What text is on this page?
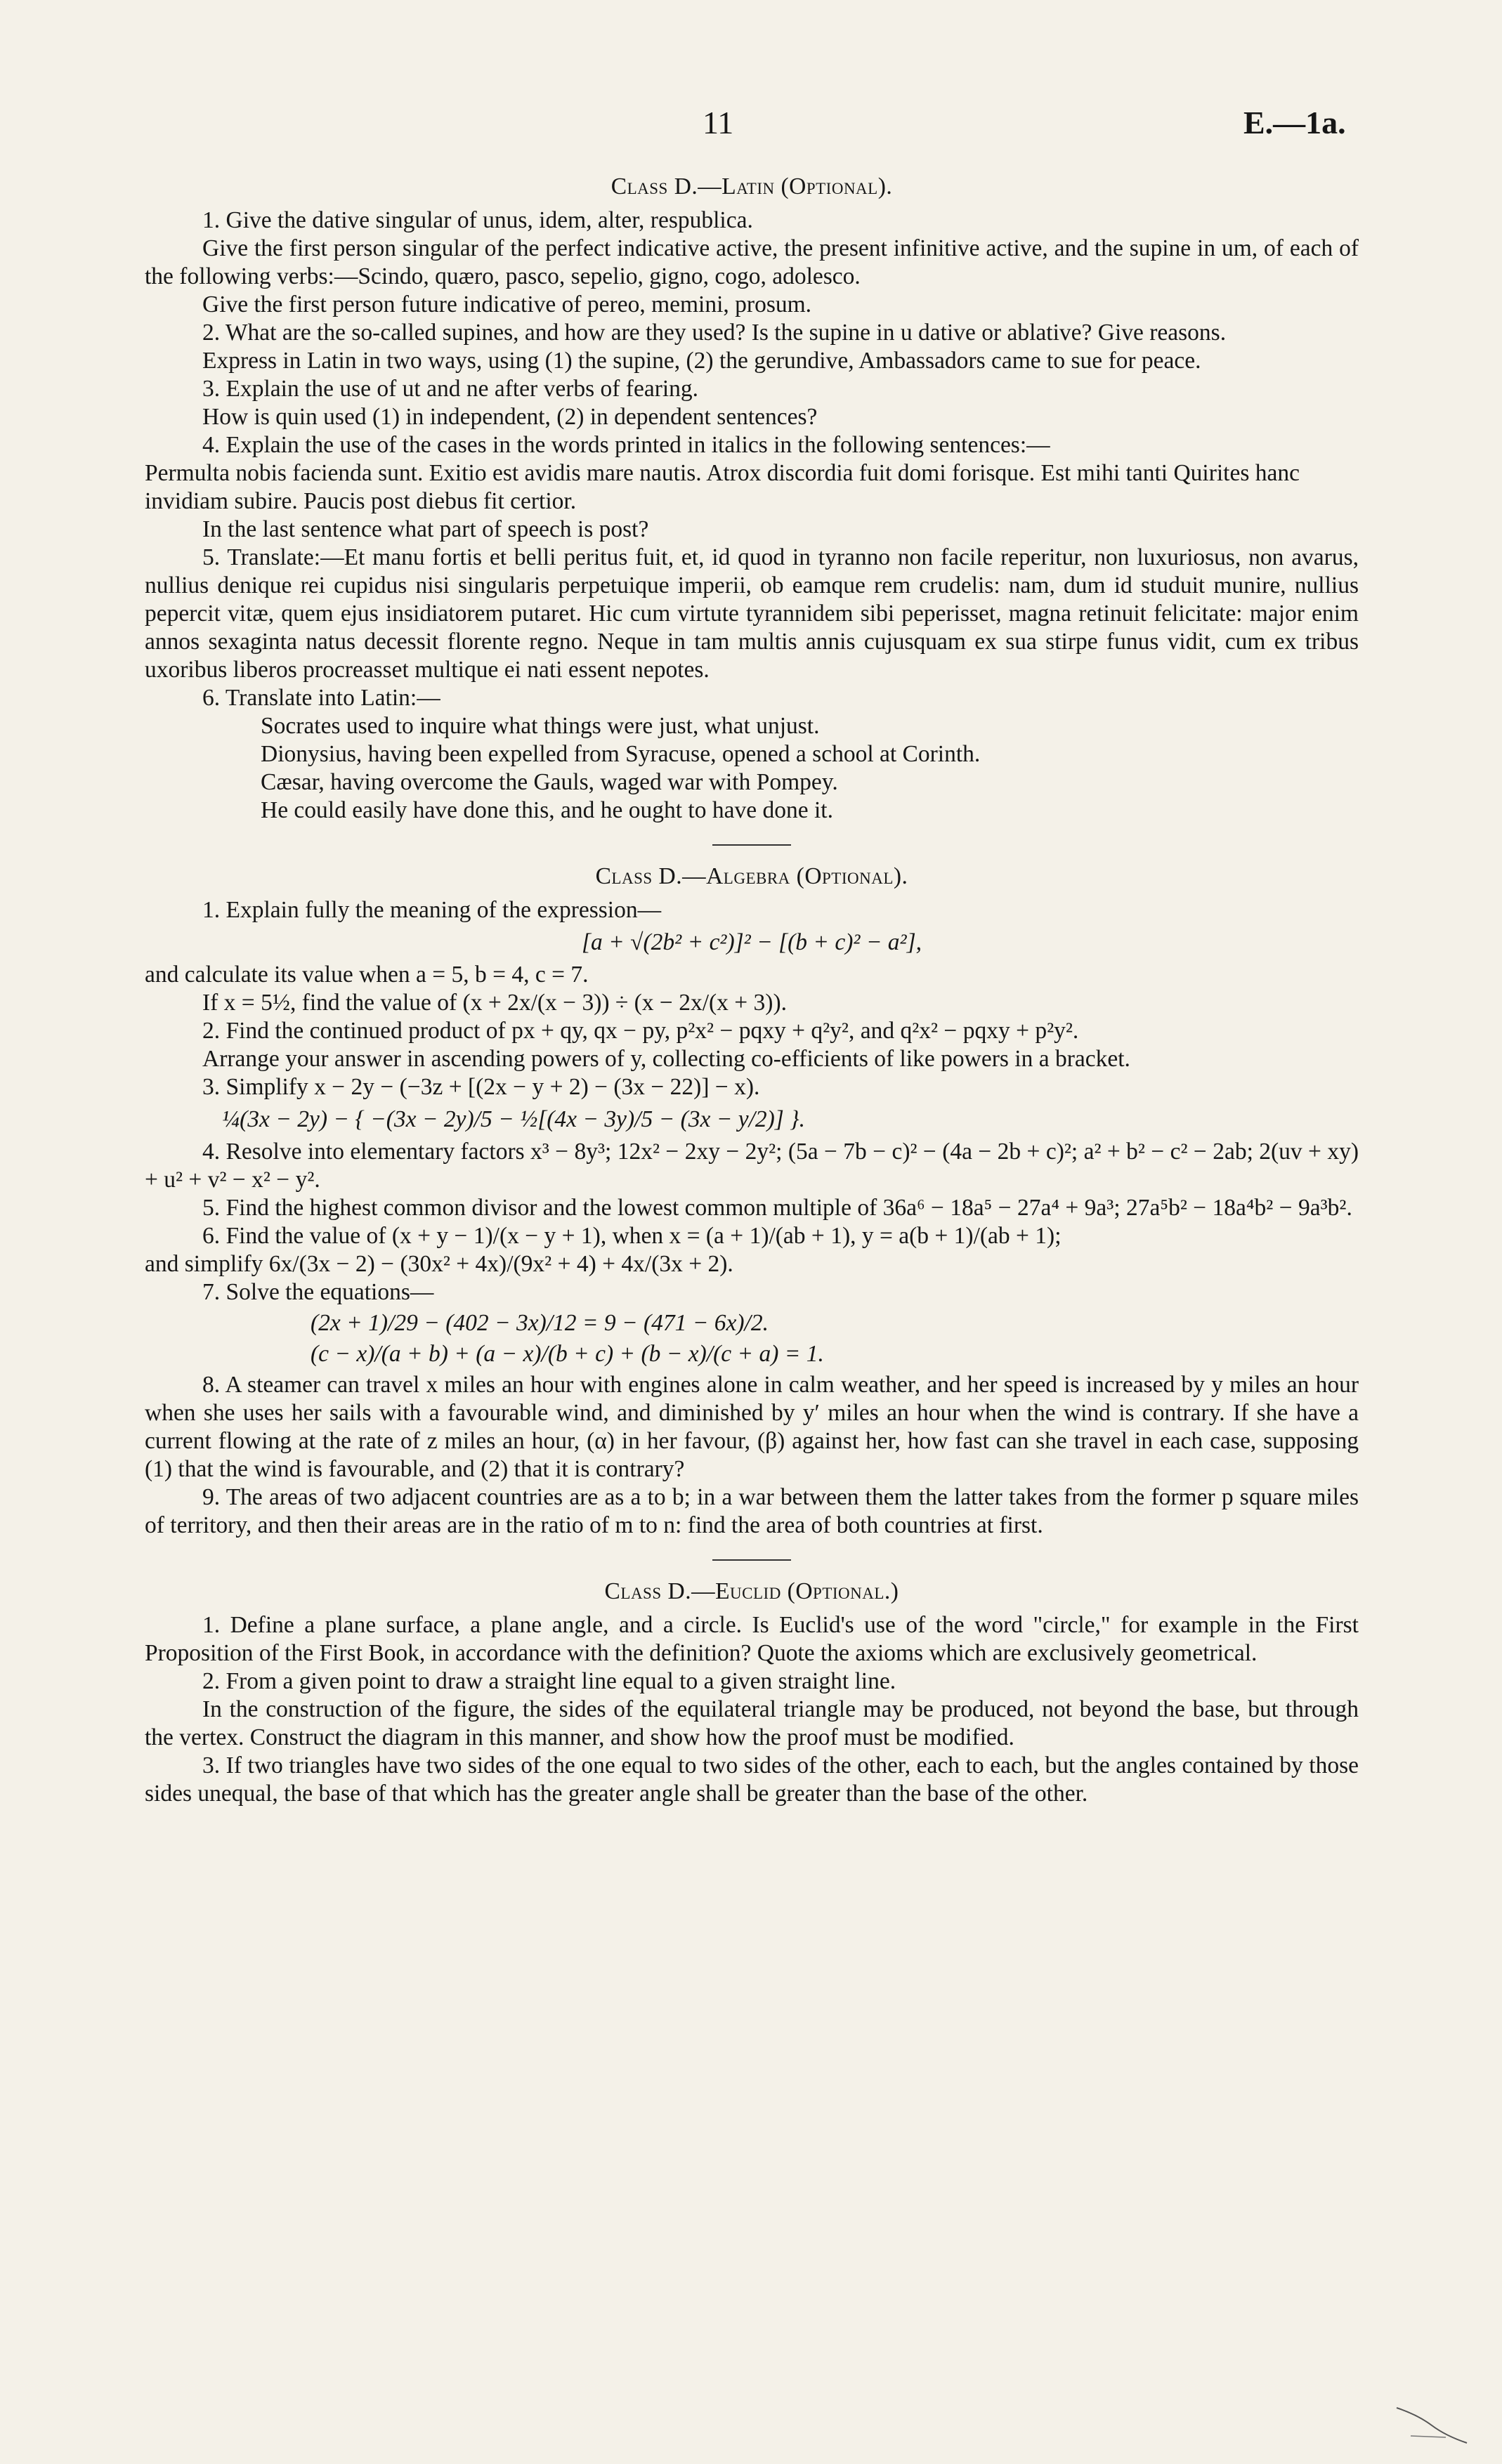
11	E.—1a.
Class D.—Latin (Optional).
1. Give the dative singular of unus, idem, alter, respublica.
Give the first person singular of the perfect indicative active, the present infinitive active, and the supine in um, of each of the following verbs:—Scindo, quæro, pasco, sepelio, gigno, cogo, adolesco.
Give the first person future indicative of pereo, memini, prosum.
2. What are the so-called supines, and how are they used? Is the supine in u dative or ablative? Give reasons.
Express in Latin in two ways, using (1) the supine, (2) the gerundive, Ambassadors came to sue for peace.
3. Explain the use of ut and ne after verbs of fearing.
How is quin used (1) in independent, (2) in dependent sentences?
4. Explain the use of the cases in the words printed in italics in the following sentences:—
Permulta nobis facienda sunt. Exitio est avidis mare nautis. Atrox discordia fuit domi forisque. Est mihi tanti Quirites hanc invidiam subire. Paucis post diebus fit certior.
In the last sentence what part of speech is post?
5. Translate:—Et manu fortis et belli peritus fuit, et, id quod in tyranno non facile reperitur, non luxuriosus, non avarus, nullius denique rei cupidus nisi singularis perpetuique imperii, ob eamque rem crudelis: nam, dum id studuit munire, nullius pepercit vitæ, quem ejus insidiatorem putaret. Hic cum virtute tyrannidem sibi peperisset, magna retinuit felicitate: major enim annos sexaginta natus decessit florente regno. Neque in tam multis annis cujusquam ex sua stirpe funus vidit, cum ex tribus uxoribus liberos procreasset multique ei nati essent nepotes.
6. Translate into Latin:—
Socrates used to inquire what things were just, what unjust.
Dionysius, having been expelled from Syracuse, opened a school at Corinth.
Cæsar, having overcome the Gauls, waged war with Pompey.
He could easily have done this, and he ought to have done it.
Class D.—Algebra (Optional).
1. Explain fully the meaning of the expression—
[a + √(2b² + c²)]² − [(b + c)² − a²],
and calculate its value when a = 5, b = 4, c = 7.
If x = 5½, find the value of (x + 2x/(x − 3)) ÷ (x − 2x/(x + 3)).
2. Find the continued product of px + qy, qx − py, p²x² − pqxy + q²y², and q²x² − pqxy + p²y².
Arrange your answer in ascending powers of y, collecting co-efficients of like powers in a bracket.
3. Simplify x − 2y − (−3z + [(2x − y + 2) − (3x − 22)] − x).
¼(3x − 2y) − { −(3x − 2y)/5 − ½[(4x − 3y)/5 − (3x − y/2)] }.
4. Resolve into elementary factors x³ − 8y³; 12x² − 2xy − 2y²; (5a − 7b − c)² − (4a − 2b + c)²; a² + b² − c² − 2ab; 2(uv + xy) + u² + v² − x² − y².
5. Find the highest common divisor and the lowest common multiple of 36a⁶ − 18a⁵ − 27a⁴ + 9a³; 27a⁵b² − 18a⁴b² − 9a³b².
6. Find the value of (x + y − 1)/(x − y + 1), when x = (a + 1)/(ab + 1), y = a(b + 1)/(ab + 1);
and simplify 6x/(3x − 2) − (30x² + 4x)/(9x² + 4) + 4x/(3x + 2).
7. Solve the equations—
(2x + 1)/29 − (402 − 3x)/12 = 9 − (471 − 6x)/2.
(c − x)/(a + b) + (a − x)/(b + c) + (b − x)/(c + a) = 1.
8. A steamer can travel x miles an hour with engines alone in calm weather, and her speed is increased by y miles an hour when she uses her sails with a favourable wind, and diminished by y′ miles an hour when the wind is contrary. If she have a current flowing at the rate of z miles an hour, (α) in her favour, (β) against her, how fast can she travel in each case, supposing (1) that the wind is favourable, and (2) that it is contrary?
9. The areas of two adjacent countries are as a to b; in a war between them the latter takes from the former p square miles of territory, and then their areas are in the ratio of m to n: find the area of both countries at first.
Class D.—Euclid (Optional.)
1. Define a plane surface, a plane angle, and a circle. Is Euclid's use of the word "circle," for example in the First Proposition of the First Book, in accordance with the definition? Quote the axioms which are exclusively geometrical.
2. From a given point to draw a straight line equal to a given straight line.
In the construction of the figure, the sides of the equilateral triangle may be produced, not beyond the base, but through the vertex. Construct the diagram in this manner, and show how the proof must be modified.
3. If two triangles have two sides of the one equal to two sides of the other, each to each, but the angles contained by those sides unequal, the base of that which has the greater angle shall be greater than the base of the other.
